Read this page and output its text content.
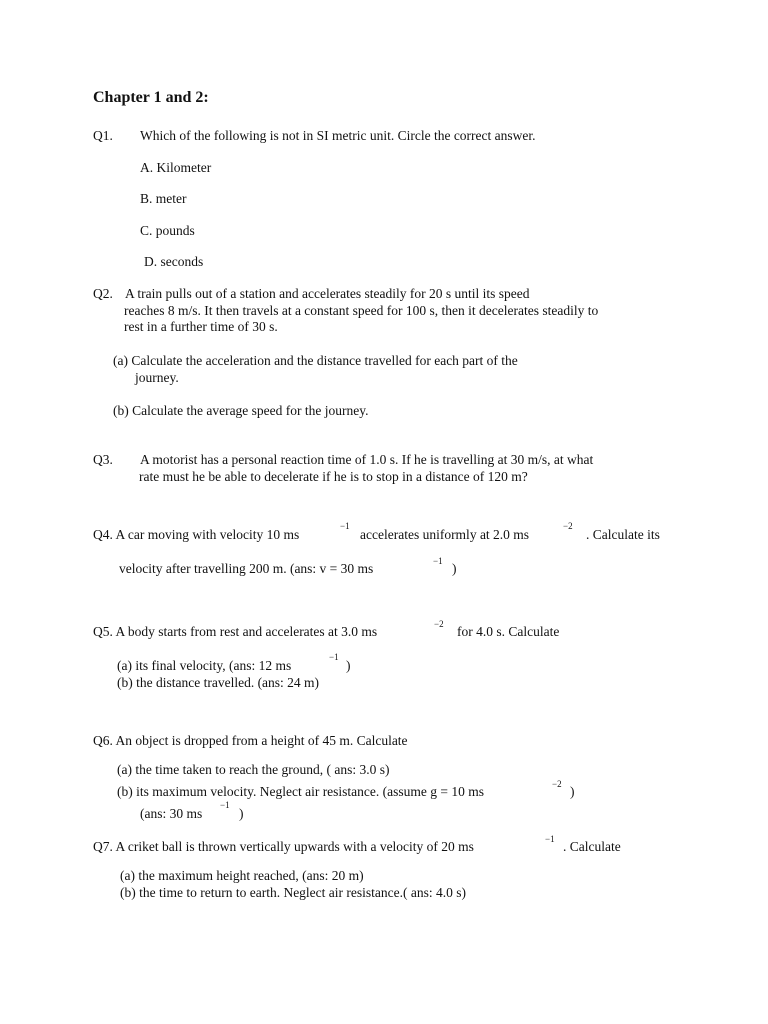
Chapter 1 and 2:
Q1. Which of the following is not in SI metric unit. Circle the correct answer.
A. Kilometer
B. meter
C. pounds
D. seconds
Q2. A train pulls out of a station and accelerates steadily for 20 s until its speed
reaches 8 m/s. It then travels at a constant speed for 100 s, then it decelerates steadily to
rest in a further time of 30 s.
(a) Calculate the acceleration and the distance travelled for each part of the
journey.
(b) Calculate the average speed for the journey.
Q3. A motorist has a personal reaction time of 1.0 s. If he is travelling at 30 m/s, at what
rate must he be able to decelerate if he is to stop in a distance of 120 m?
Q4. A car moving with velocity 10 ms
−1
accelerates uniformly at 2.0 ms
−2
. Calculate its
velocity after travelling 200 m. (ans: v = 30 ms	−1 )
Q5. A body starts from rest and accelerates at 3.0 ms	−2 for 4.0 s. Calculate
(a) its final velocity, (ans: 12 ms
−1
)
(b) the distance travelled. (ans: 24 m)
Q6. An object is dropped from a height of 45 m. Calculate
(a) the time taken to reach the ground, ( ans: 3.0 s)
(b) its maximum velocity. Neglect air resistance. (assume g = 10 ms	−2 )
(ans: 30 ms
−1
)
Q7. A criket ball is thrown vertically upwards with a velocity of 20 ms	−1 . Calculate
(a) the maximum height reached, (ans: 20 m)
(b) the time to return to earth. Neglect air resistance.( ans: 4.0 s)
